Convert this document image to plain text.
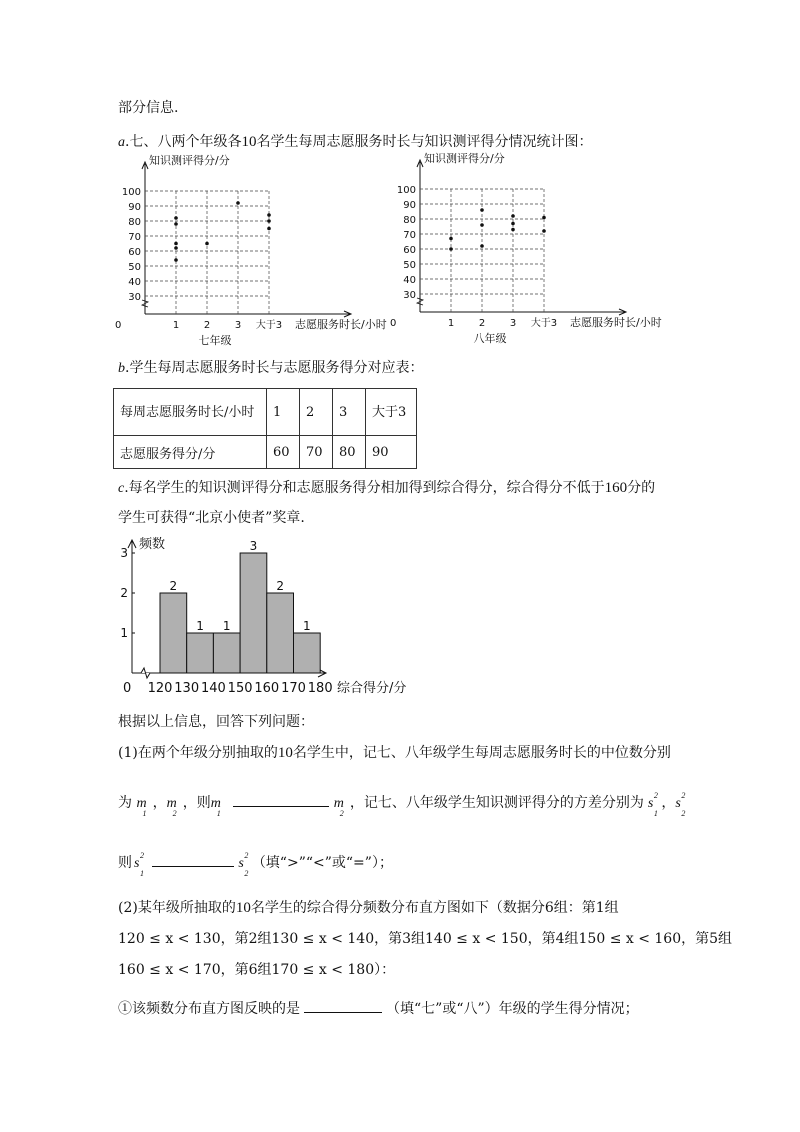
部分信息.
a.七、八两个年级各10名学生每周志愿服务时长与知识测评得分情况统计图：
30
40
50
60
70
80
90
100
0	1 2 3 大于3
知识测评得分/分
志愿服务时长/小时
七年级
30
40
50
60
70
80
90
100
0	1 2 3 大于3
知识测评得分/分
志愿服务时长/小时
八年级
b.学生每周志愿服务时长与志愿服务得分对应表：
每周志愿服务时长/小时	1	2	3	大于3
志愿服务得分/分	60	70	80	90
c.每名学生的知识测评得分和志愿服务得分相加得到综合得分，综合得分不低于160分的
学生可获得“北京小使者”奖章.
频数
0
1
2
3
2
1 1
3
2
1
120 130 140 150 160 170 180 综合得分/分
根据以上信息，回答下列问题：
(1)在两个年级分别抽取的10名学生中，记七、八年级学生每周志愿服务时长的中位数分别
为 m
1
，m
2
，则m
1
m
2
，记七、八年级学生知识测评得分的方差分别为 s
2
1
，s
2
2
则 s
2
1
s
2
2
（填“>”“<”或“=”）；
(2)某年级所抽取的10名学生的综合得分频数分布直方图如下（数据分6组：第1组
120 ≤ x < 130，第2组130 ≤ x < 140，第3组140 ≤ x < 150，第4组150 ≤ x < 160，第5组
160 ≤ x < 170，第6组170 ≤ x < 180）：
①该频数分布直方图反映的是	（填“七”或“八”）年级的学生得分情况；
